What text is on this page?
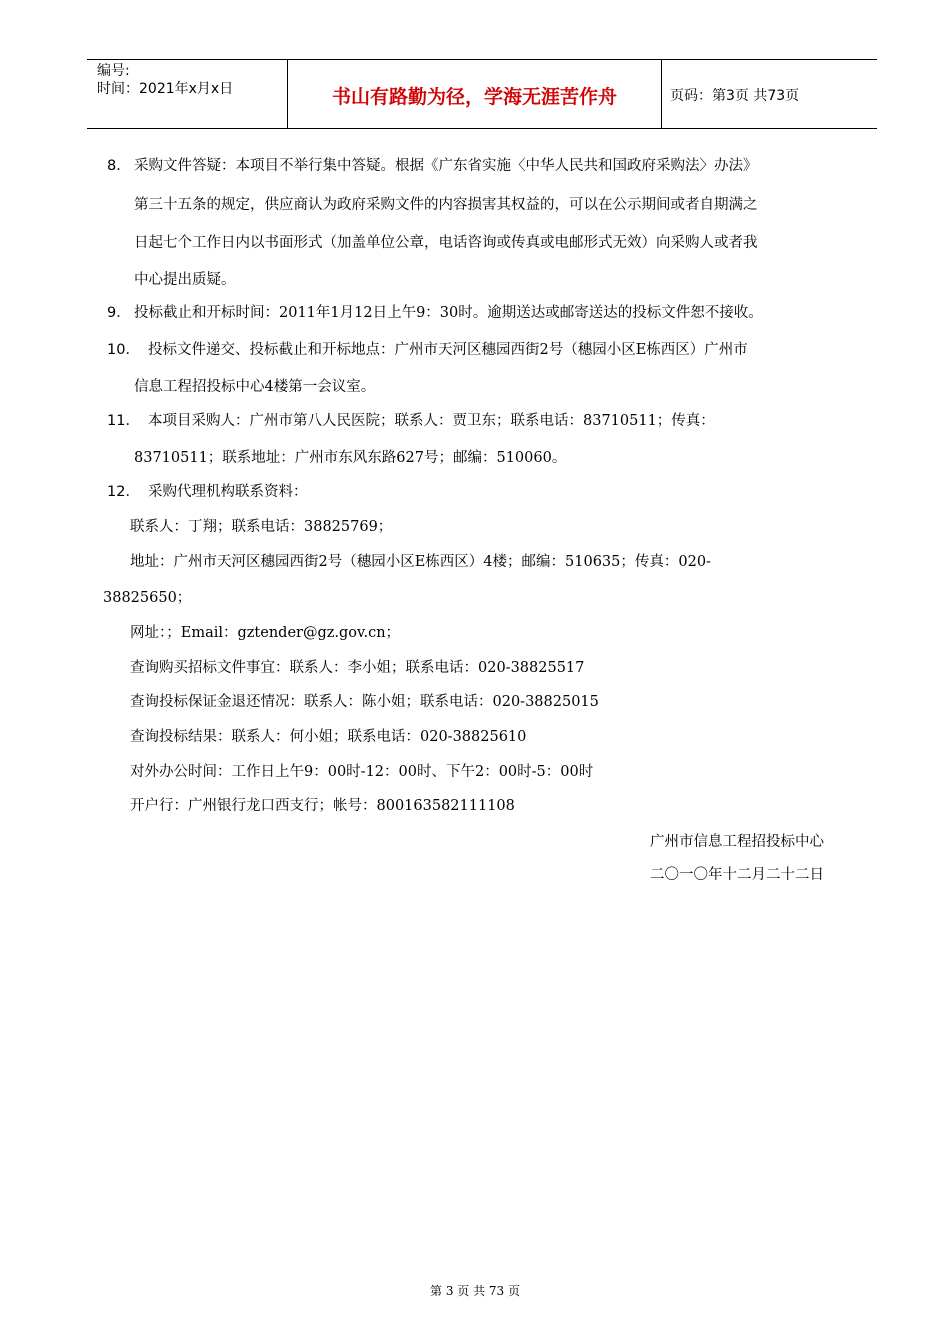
编号:
时间：2021年x月x日	书山有路勤为径，学海无涯苦作舟	页码：第3页 共73页
8． 采购文件答疑：本项目不举行集中答疑。根据《广东省实施〈中华人民共和国政府采购法〉办法》
第三十五条的规定，供应商认为政府采购文件的内容损害其权益的，可以在公示期间或者自期满之
日起七个工作日内以书面形式（加盖单位公章，电话咨询或传真或电邮形式无效）向采购人或者我
中心提出质疑。
9． 投标截止和开标时间：2011年1月12日上午9：30时。逾期送达或邮寄送达的投标文件恕不接收。
10． 投标文件递交、投标截止和开标地点：广州市天河区穗园西街2号（穗园小区E栋西区）广州市
信息工程招投标中心4楼第一会议室。
11． 本项目采购人：广州市第八人民医院；联系人：贾卫东；联系电话：83710511；传真：
83710511；联系地址：广州市东风东路627号；邮编：510060。
12． 采购代理机构联系资料：
联系人：丁翔；联系电话：38825769；
地址：广州市天河区穗园西街2号（穗园小区E栋西区）4楼；邮编：510635；传真：020-
38825650；
网址：；Email：gztender@gz.gov.cn；
查询购买招标文件事宜：联系人：李小姐；联系电话：020-38825517
查询投标保证金退还情况：联系人：陈小姐；联系电话：020-38825015
查询投标结果：联系人：何小姐；联系电话：020-38825610
对外办公时间：工作日上午9：00时-12：00时、下午2：00时-5：00时
开户行：广州银行龙口西支行；帐号：800163582111108
广州市信息工程招投标中心
二〇一〇年十二月二十二日
第 3 页 共 73 页
